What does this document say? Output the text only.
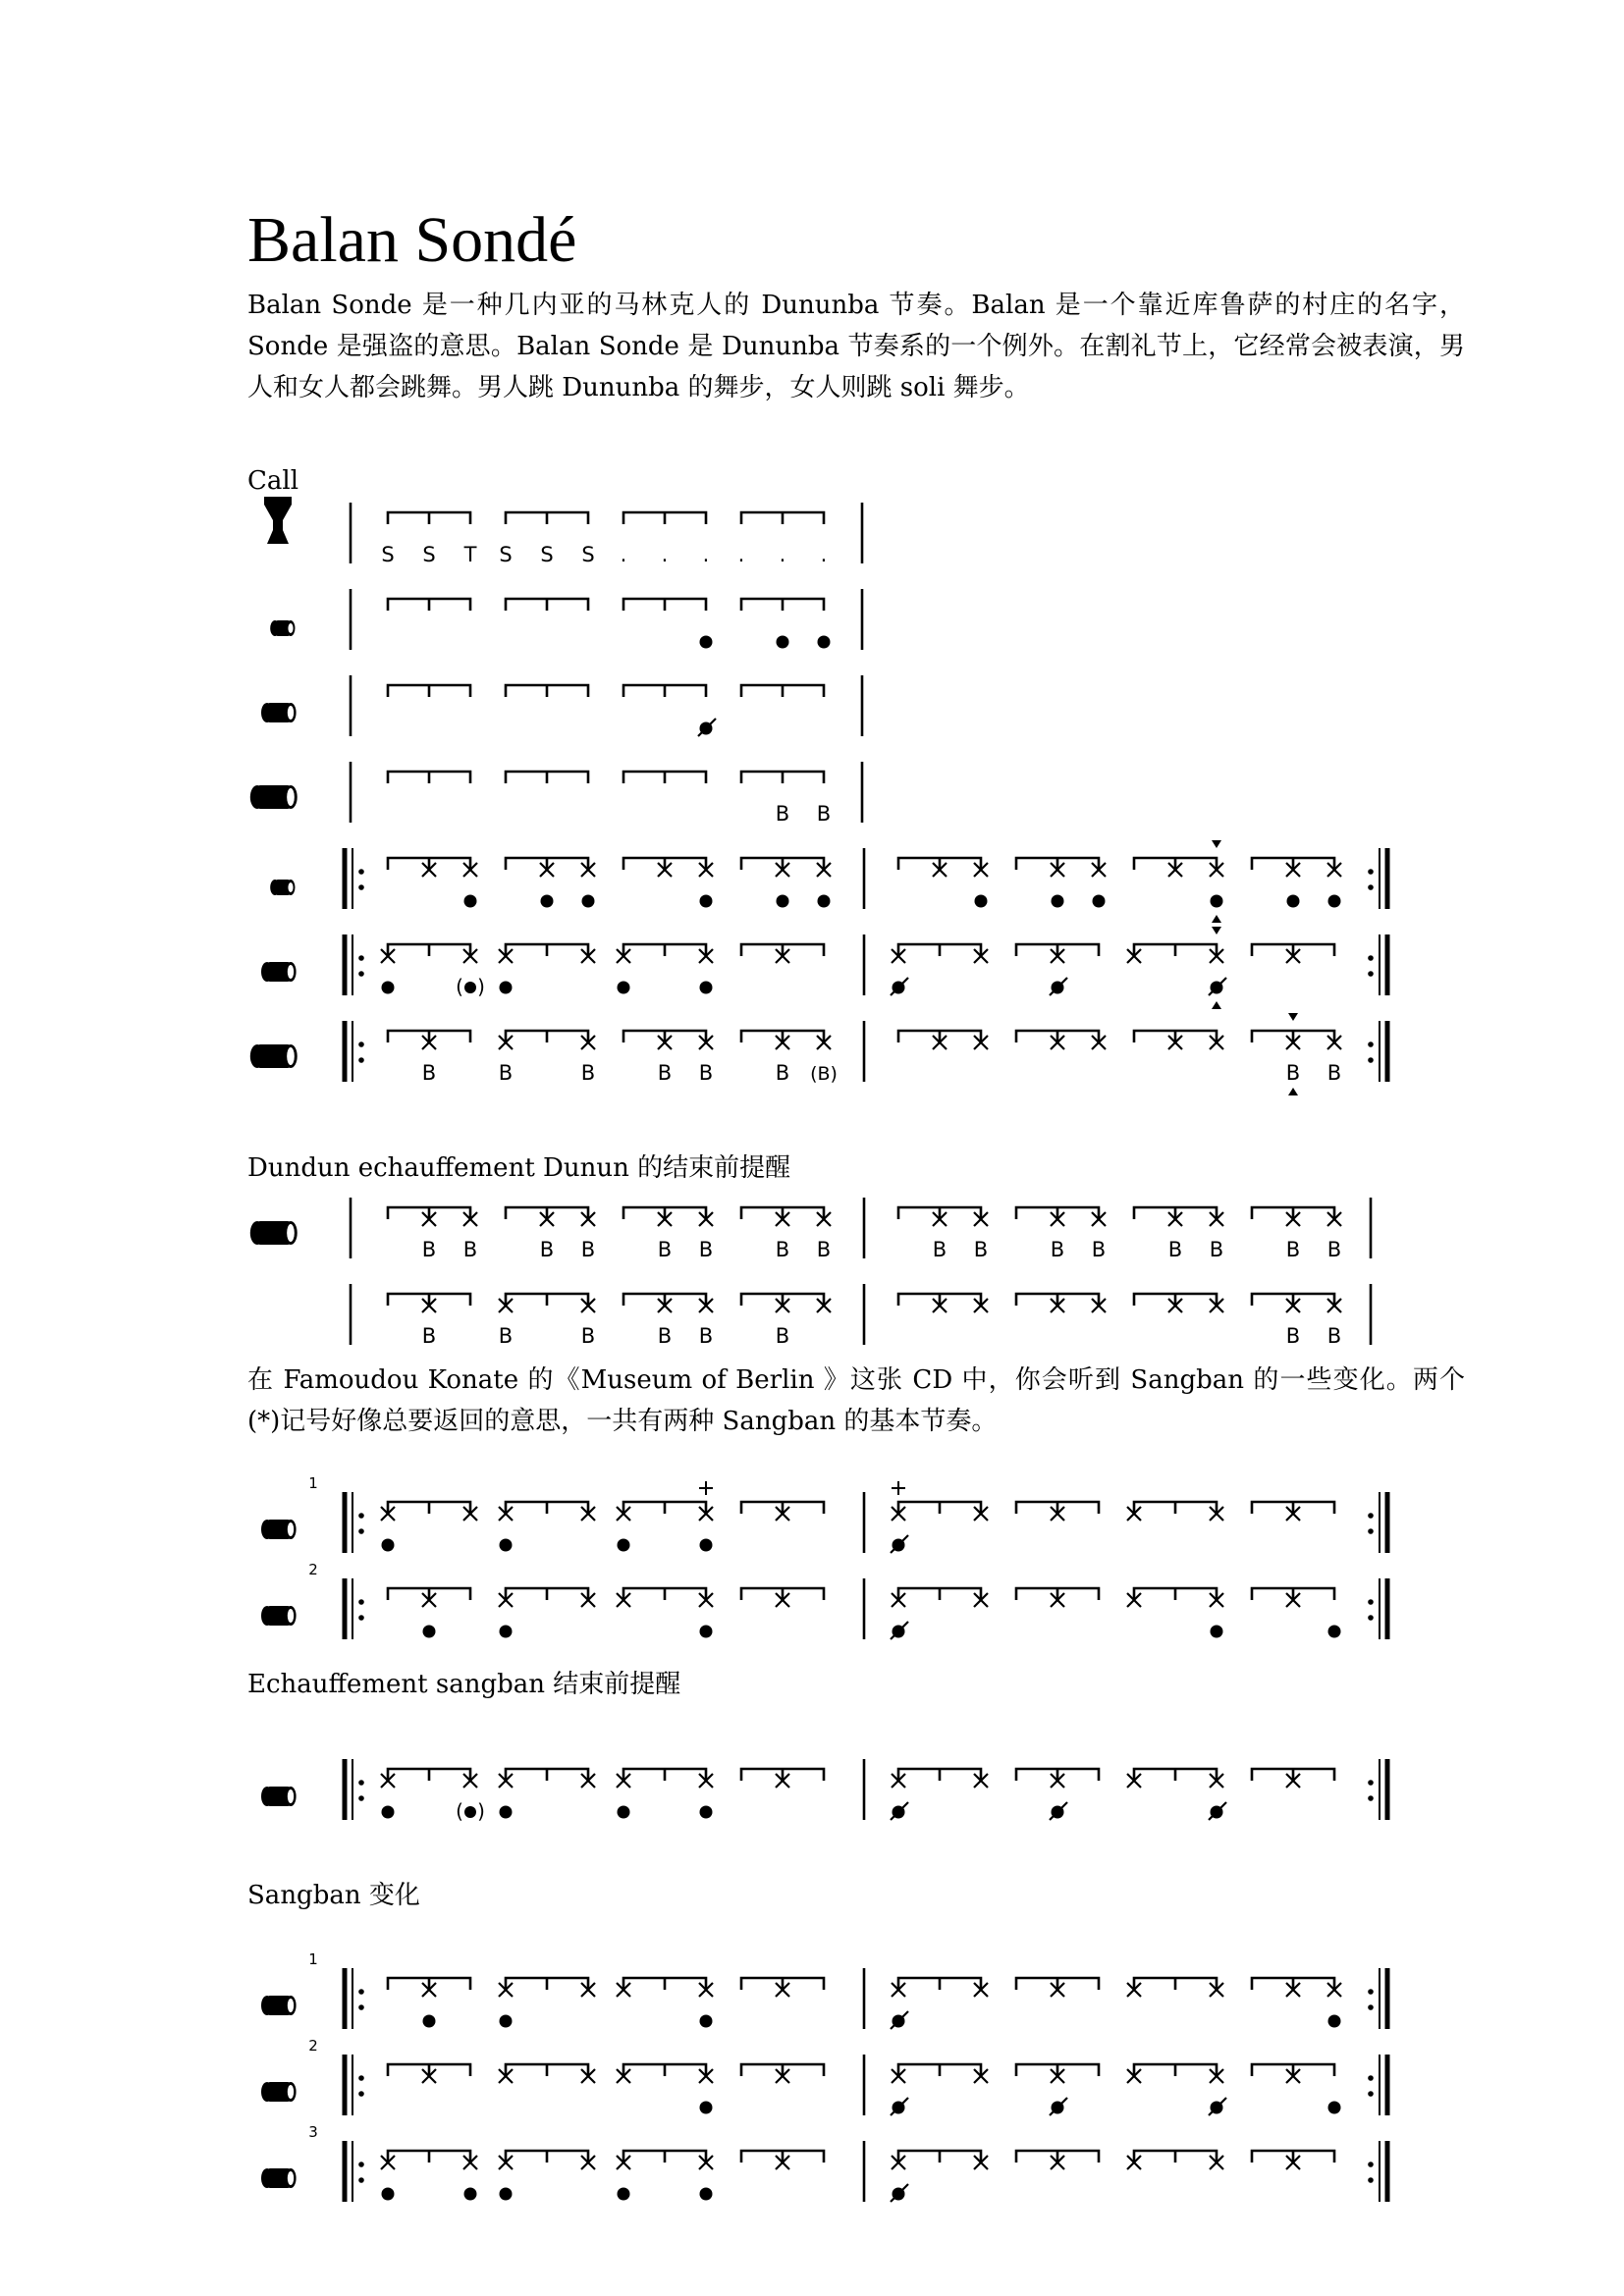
Balan Sondé

Balan Sonde 是一种几内亚的马林克人的 Dununba 节奏。Balan 是一个靠近库鲁萨的村庄的名字，Sonde 是强盗的意思。Balan Sonde 是 Dununba 节奏系的一个例外。在割礼节上，它经常会被表演，男人和女人都会跳舞。男人跳 Dununba 的舞步，女人则跳 soli 舞步。

Call

Dundun echauffement Dunun 的结束前提醒

在 Famoudou Konate 的《Museum of Berlin 》这张 CD 中，你会听到 Sangban 的一些变化。两个(*)记号好像总要返回的意思，一共有两种 Sangban 的基本节奏。

Echauffement sangban 结束前提醒

Sangban 变化

S S T S S S . . . . . .
B B
( )
B	B	B	B B	B (B)	B B
B B	B B	B B	B B	B B	B B	B B	B B
B	B	B	B B	B	B B
1
2
( )
1
2
3
